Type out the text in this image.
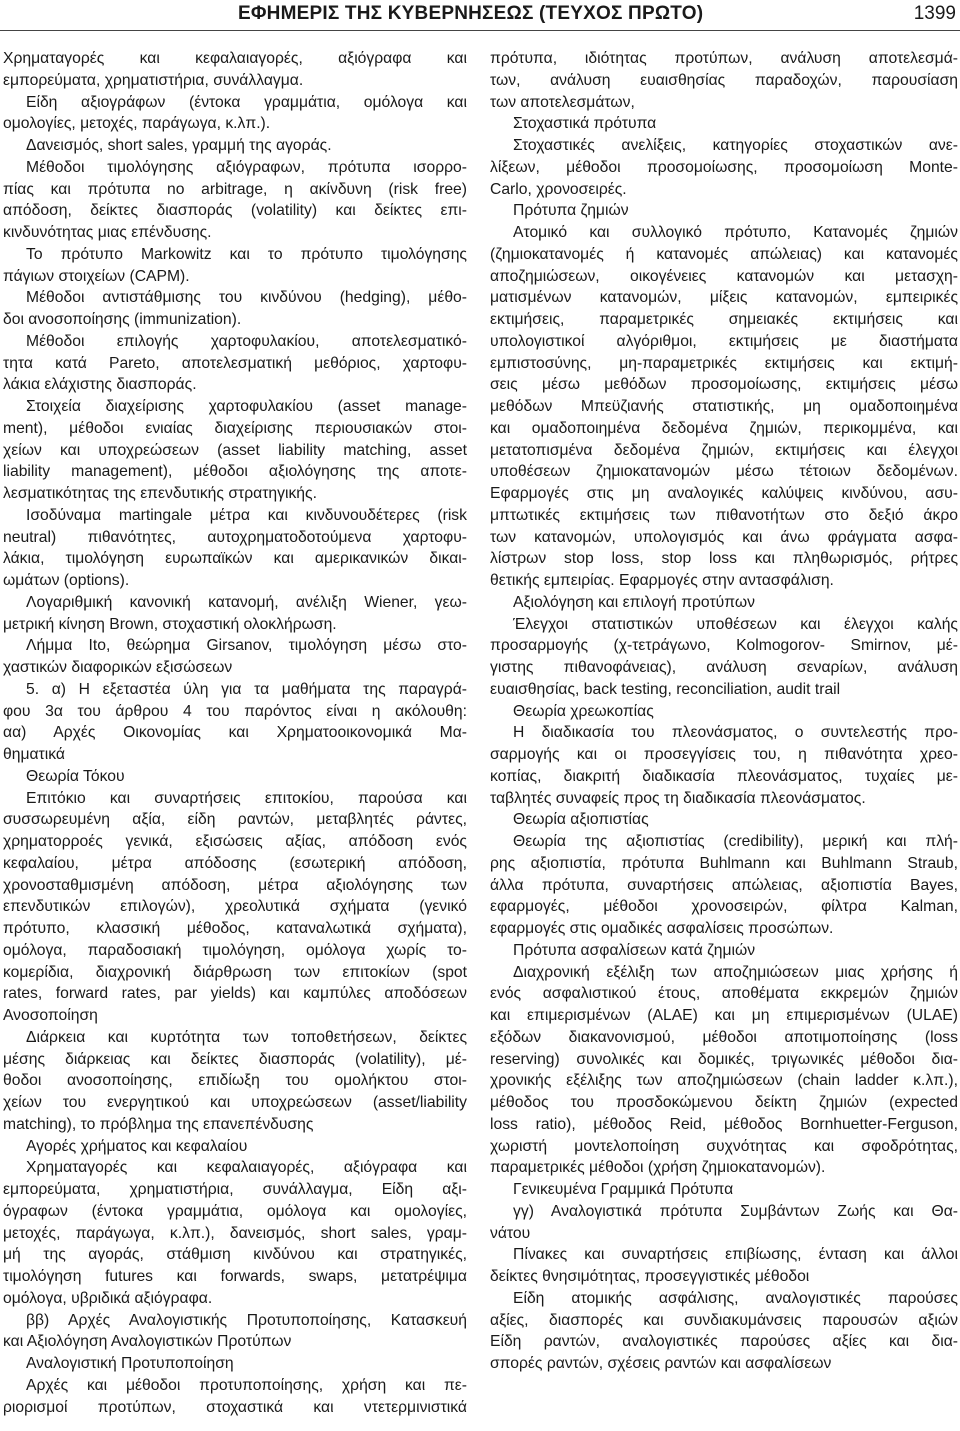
ΕΦΗΜΕΡΙΣ ΤΗΣ ΚΥΒΕΡΝΗΣΕΩΣ (ΤΕΥΧΟΣ ΠΡΩΤΟ)	1399
Χρηματαγορές και κεφαλαιαγορές, αξιόγραφα και
εμπορεύματα, χρηματιστήρια, συνάλλαγμα.
Είδη αξιογράφων (έντοκα γραμμάτια, ομόλογα και
ομολογίες, μετοχές, παράγωγα, κ.λπ.).
Δανεισμός, short sales, γραμμή της αγοράς.
Μέθοδοι τιμολόγησης αξιόγραφων, πρότυπα ισορρο-
πίας και πρότυπα no arbitrage, η ακίνδυνη (risk free)
απόδοση, δείκτες διασποράς (volatility) και δείκτες επι-
κινδυνότητας μιας επένδυσης.
Το πρότυπο Markowitz και το πρότυπο τιμολόγησης
πάγιων στοιχείων (CAPM).
Μέθοδοι αντιστάθμισης του κινδύνου (hedging), μέθο-
δοι ανοσοποίησης (immunization).
Μέθοδοι επιλογής χαρτοφυλακίου, αποτελεσματικό-
τητα κατά Pareto, αποτελεσματική μεθόριος, χαρτοφυ-
λάκια ελάχιστης διασποράς.
Στοιχεία διαχείρισης χαρτοφυλακίου (asset manage-
ment), μέθοδοι ενιαίας διαχείρισης περιουσιακών στοι-
χείων και υποχρεώσεων (asset liability matching, asset
liability management), μέθοδοι αξιολόγησης της αποτε-
λεσματικότητας της επενδυτικής στρατηγικής.
Ισοδύναμα martingale μέτρα και κινδυνουδέτερες (risk
neutral) πιθανότητες, αυτοχρηματοδοτούμενα χαρτοφυ-
λάκια, τιμολόγηση ευρωπαϊκών και αμερικανικών δικαι-
ωμάτων (options).
Λογαριθμική κανονική κατανομή, ανέλιξη Wiener, γεω-
μετρική κίνηση Brown, στοχαστική ολοκλήρωση.
Λήμμα Ito, θεώρημα Girsanov, τιμολόγηση μέσω στο-
χαστικών διαφορικών εξισώσεων
5. α) Η εξεταστέα ύλη για τα μαθήματα της παραγρά-
φου 3α του άρθρου 4 του παρόντος είναι η ακόλουθη:
αα) Αρχές Οικονομίας και Χρηματοοικονομικά Μα-
θηματικά
Θεωρία Τόκου
Επιτόκιο και συναρτήσεις επιτοκίου, παρούσα και
συσσωρευμένη αξία, είδη ραντών, μεταβλητές ράντες,
χρηματορροές γενικά, εξισώσεις αξίας, απόδοση ενός
κεφαλαίου, μέτρα απόδοσης (εσωτερική απόδοση,
χρονοσταθμισμένη απόδοση, μέτρα αξιολόγησης των
επενδυτικών επιλογών), χρεολυτικά σχήματα (γενικό
πρότυπο, κλασσική μέθοδος, καταναλωτικά σχήματα),
ομόλογα, παραδοσιακή τιμολόγηση, ομόλογα χωρίς το-
κομερίδια, διαχρονική διάρθρωση των επιτοκίων (spot
rates, forward rates, par yields) και καμπύλες αποδόσεων
Ανοσοποίηση
Διάρκεια και κυρτότητα των τοποθετήσεων, δείκτες
μέσης διάρκειας και δείκτες διασποράς (volatility), μέ-
θοδοι ανοσοποίησης, επιδίωξη του ομολήκτου στοι-
χείων του ενεργητικού και υποχρεώσεων (asset/liability
matching), το πρόβλημα της επανεπένδυσης
Αγορές χρήματος και κεφαλαίου
Χρηματαγορές και κεφαλαιαγορές, αξιόγραφα και
εμπορεύματα, χρηματιστήρια, συνάλλαγμα, Είδη αξι-
όγραφων (έντοκα γραμμάτια, ομόλογα και ομολογίες,
μετοχές, παράγωγα, κ.λπ.), δανεισμός, short sales, γραμ-
μή της αγοράς, στάθμιση κινδύνου και στρατηγικές,
τιμολόγηση futures και forwards, swaps, μετατρέψιμα
ομόλογα, υβριδικά αξιόγραφα.
ββ) Αρχές Αναλογιστικής Προτυποποίησης, Κατασκευή
και Αξιολόγηση Αναλογιστικών Προτύπων
Αναλογιστική Προτυποποίηση
Αρχές και μέθοδοι προτυποποίησης, χρήση και πε-
ριορισμοί προτύπων, στοχαστικά και ντετερμινιστικά
πρότυπα, ιδιότητας προτύπων, ανάλυση αποτελεσμά-
των, ανάλυση ευαισθησίας παραδοχών, παρουσίαση
των αποτελεσμάτων,
Στοχαστικά πρότυπα
Στοχαστικές ανελίξεις, κατηγορίες στοχαστικών ανε-
λίξεων, μέθοδοι προσομοίωσης, προσομοίωση Monte-
Carlo, χρονοσειρές.
Πρότυπα ζημιών
Ατομικό και συλλογικό πρότυπο, Κατανομές ζημιών
(ζημιοκατανομές ή κατανομές απώλειας) και κατανομές
αποζημιώσεων, οικογένειες κατανομών και μετασχη-
ματισμένων κατανομών, μίξεις κατανομών, εμπειρικές
εκτιμήσεις, παραμετρικές σημειακές εκτιμήσεις και
υπολογιστικοί αλγόριθμοι, εκτιμήσεις με διαστήματα
εμπιστοσύνης, μη-παραμετρικές εκτιμήσεις και εκτιμή-
σεις μέσω μεθόδων προσομοίωσης, εκτιμήσεις μέσω
μεθόδων Μπεϋζιανής στατιστικής, μη ομαδοποιημένα
και ομαδοποιημένα δεδομένα ζημιών, περικομμένα, και
μετατοπισμένα δεδομένα ζημιών, εκτιμήσεις και έλεγχοι
υποθέσεων ζημιοκατανομών μέσω τέτοιων δεδομένων.
Εφαρμογές στις μη αναλογικές καλύψεις κινδύνου, ασυ-
μπτωτικές εκτιμήσεις των πιθανοτήτων στο δεξιό άκρο
των κατανομών, υπολογισμός και άνω φράγματα ασφα-
λίστρων stop loss, stop loss και πληθωρισμός, ρήτρες
θετικής εμπειρίας. Εφαρμογές στην αντασφάλιση.
Αξιολόγηση και επιλογή προτύπων
Έλεγχοι στατιστικών υποθέσεων και έλεγχοι καλής
προσαρμογής (χ-τετράγωνο, Kolmogorov- Smirnov, μέ-
γιστης πιθανοφάνειας), ανάλυση σεναρίων, ανάλυση
ευαισθησίας, back testing, reconciliation, audit trail
Θεωρία χρεωκοπίας
Η διαδικασία του πλεονάσματος, ο συντελεστής προ-
σαρμογής και οι προσεγγίσεις του, η πιθανότητα χρεο-
κοπίας, διακριτή διαδικασία πλεονάσματος, τυχαίες με-
ταβλητές συναφείς προς τη διαδικασία πλεονάσματος.
Θεωρία αξιοπιστίας
Θεωρία της αξιοπιστίας (credibility), μερική και πλή-
ρης αξιοπιστία, πρότυπα Buhlmann και Buhlmann Straub,
άλλα πρότυπα, συναρτήσεις απώλειας, αξιοπιστία Bayes,
εφαρμογές, μέθοδοι χρονοσειρών, φίλτρα Kalman,
εφαρμογές στις ομαδικές ασφαλίσεις προσώπων.
Πρότυπα ασφαλίσεων κατά ζημιών
Διαχρονική εξέλιξη των αποζημιώσεων μιας χρήσης ή
ενός ασφαλιστικού έτους, αποθέματα εκκρεμών ζημιών
και επιμερισμένων (ALAE) και μη επιμερισμένων (ULAE)
εξόδων διακανονισμού, μέθοδοι αποτιμοποίησης (loss
reserving) συνολικές και δομικές, τριγωνικές μέθοδοι δια-
χρονικής εξέλιξης των αποζημιώσεων (chain ladder κ.λπ.),
μέθοδος του προσδοκώμενου δείκτη ζημιών (expected
loss ratio), μέθοδος Reid, μέθοδος Bornhuetter-Ferguson,
χωριστή μοντελοποίηση συχνότητας και σφοδρότητας,
παραμετρικές μέθοδοι (χρήση ζημιοκατανομών).
Γενικευμένα Γραμμικά Πρότυπα
γγ) Αναλογιστικά πρότυπα Συμβάντων Ζωής και Θα-
νάτου
Πίνακες και συναρτήσεις επιβίωσης, ένταση και άλλοι
δείκτες θνησιμότητας, προσεγγιστικές μέθοδοι
Είδη ατομικής ασφάλισης, αναλογιστικές παρούσες
αξίες, διασπορές και συνδιακυμάνσεις παρουσών αξιών
Είδη ραντών, αναλογιστικές παρούσες αξίες και δια-
σπορές ραντών, σχέσεις ραντών και ασφαλίσεων
